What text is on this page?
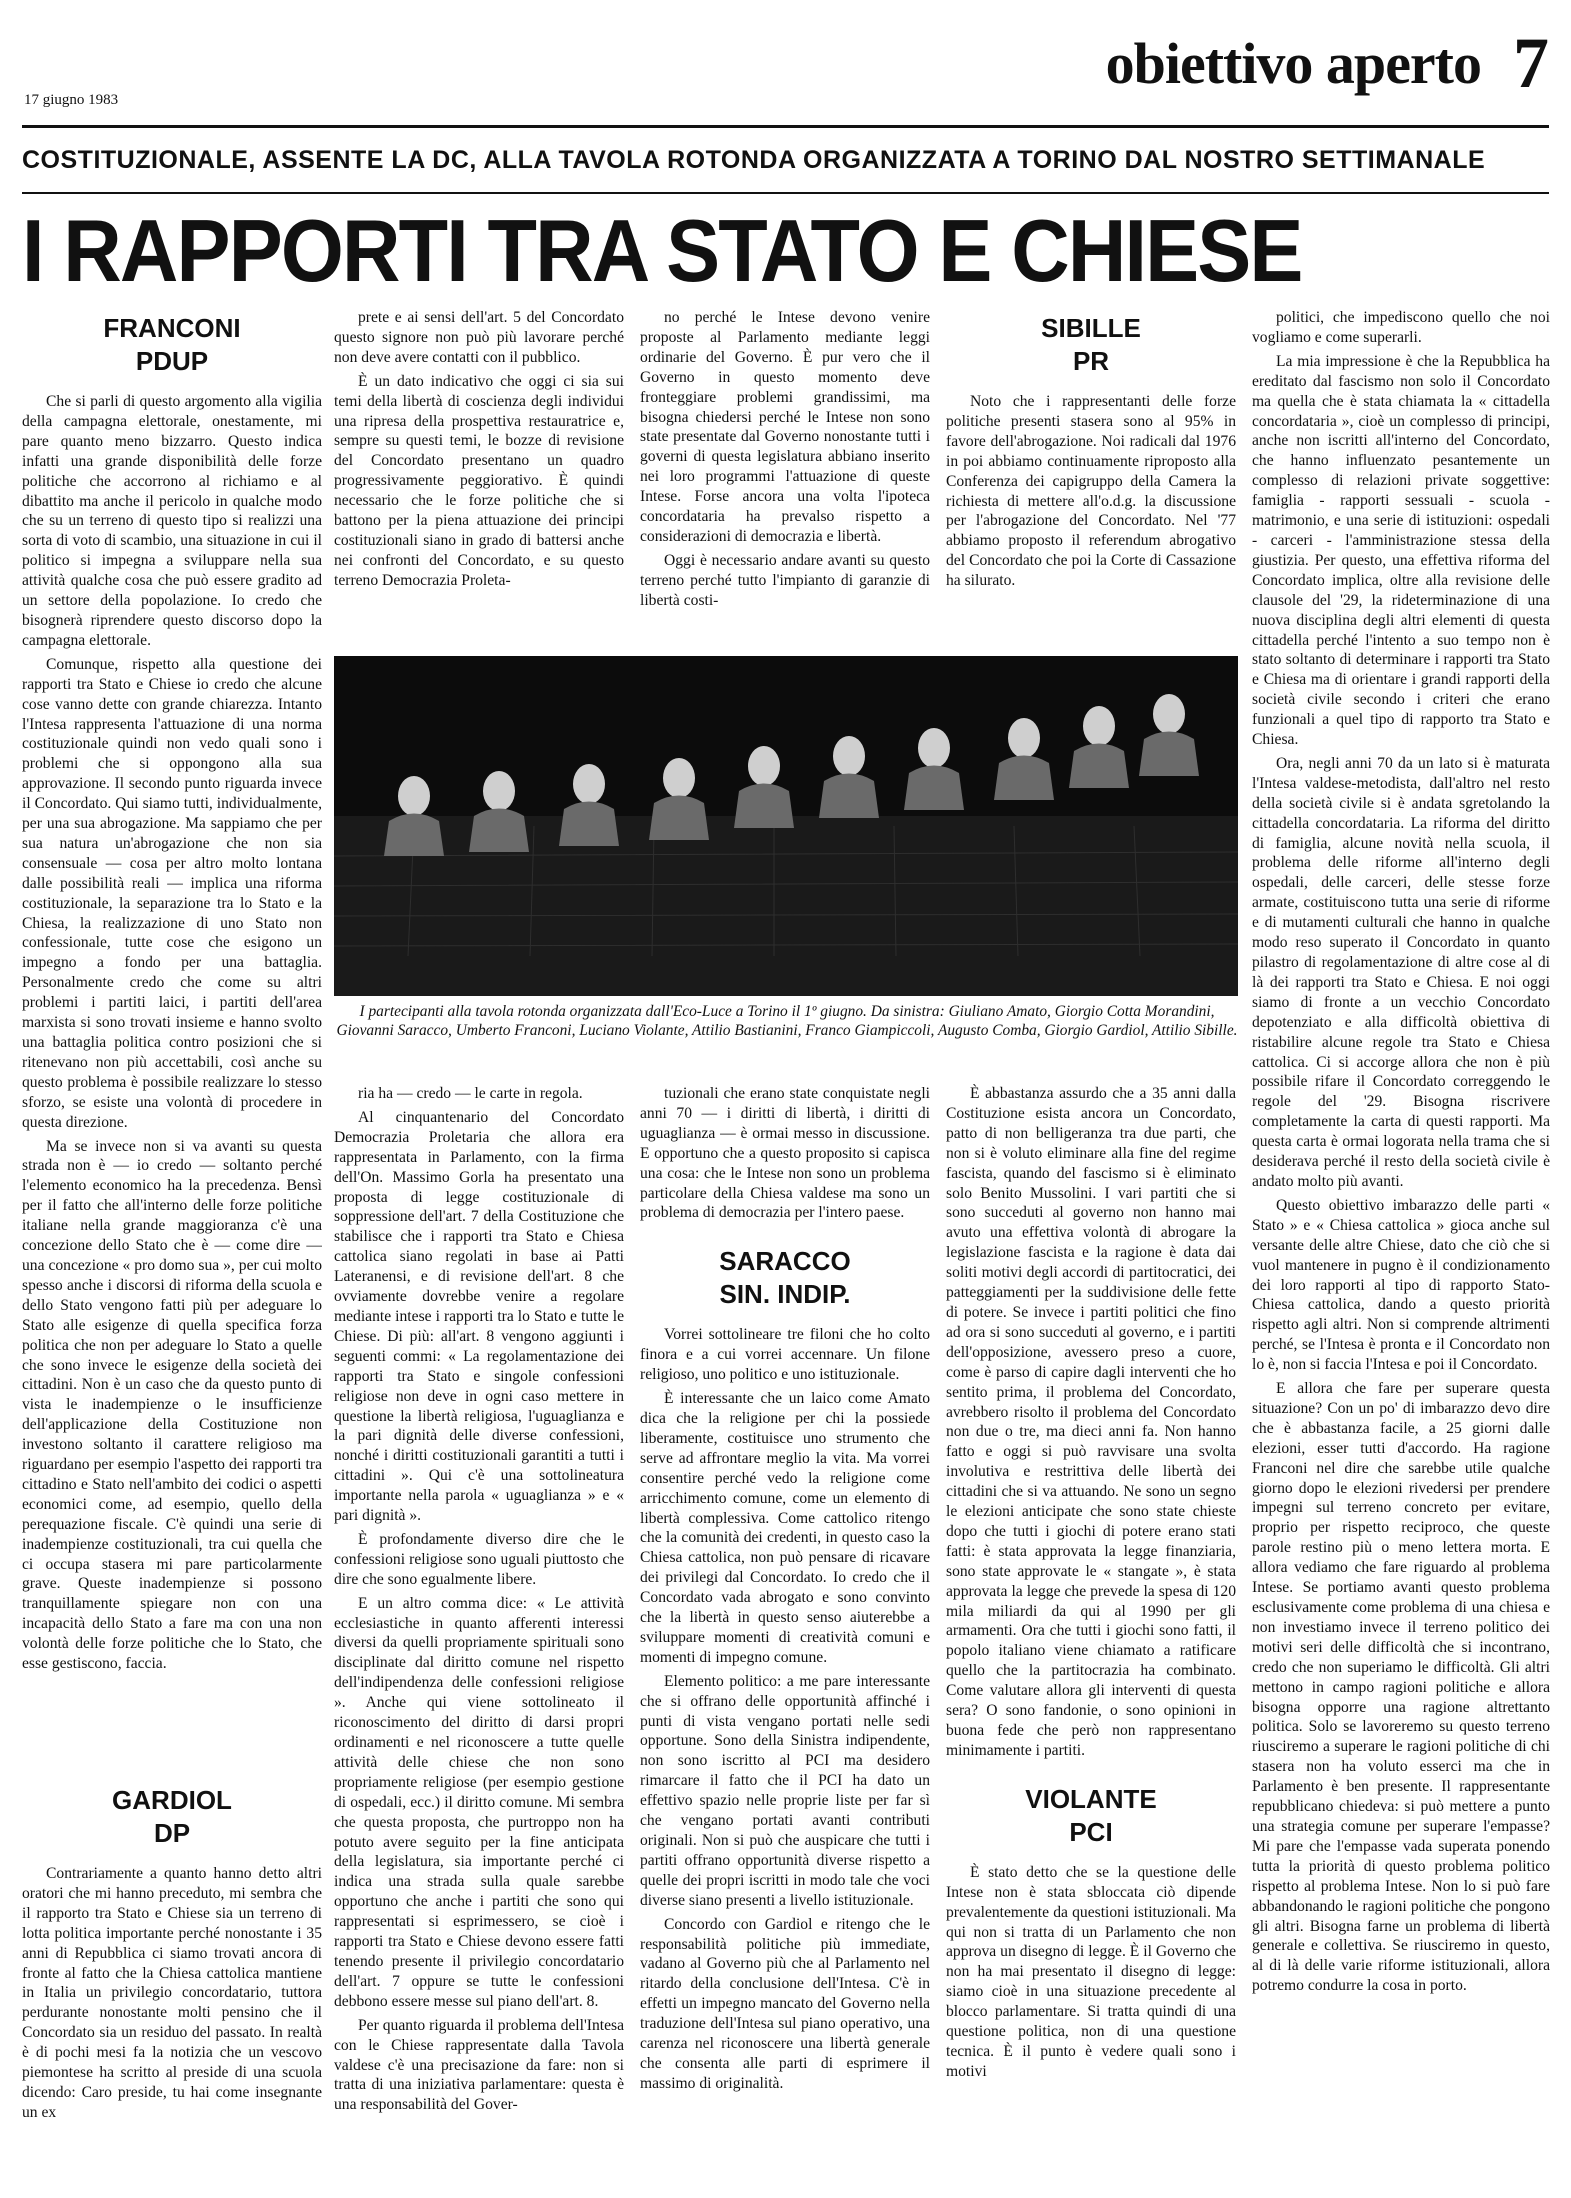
17 giugno 1983
obiettivo aperto 7
COSTITUZIONALE, ASSENTE LA DC, ALLA TAVOLA ROTONDA ORGANIZZATA A TORINO DAL NOSTRO SETTIMANALE
I RAPPORTI TRA STATO E CHIESE
FRANCONI
PDUP

Che si parli di questo argomento alla vigilia della campagna elettorale, onestamente, mi pare quanto meno bizzarro. Questo indica infatti una grande disponibilità delle forze politiche che accorrono al richiamo e al dibattito ma anche il pericolo in qualche modo che su un terreno di questo tipo si realizzi una sorta di voto di scambio, una situazione in cui il politico si impegna a sviluppare nella sua attività qualche cosa che può essere gradito ad un settore della popolazione. Io credo che bisognerà riprendere questo discorso dopo la campagna elettorale.

Comunque, rispetto alla questione dei rapporti tra Stato e Chiese io credo che alcune cose vanno dette con grande chiarezza. Intanto l'Intesa rappresenta l'attuazione di una norma costituzionale quindi non vedo quali sono i problemi che si oppongono alla sua approvazione. Il secondo punto riguarda invece il Concordato. Qui siamo tutti, individualmente, per una sua abrogazione. Ma sappiamo che per sua natura un'abrogazione che non sia consensuale — cosa per altro molto lontana dalle possibilità reali — implica una riforma costituzionale, la separazione tra lo Stato e la Chiesa, la realizzazione di uno Stato non confessionale, tutte cose che esigono un impegno a fondo per una battaglia. Personalmente credo che come su altri problemi i partiti laici, i partiti dell'area marxista si sono trovati insieme e hanno svolto una battaglia politica contro posizioni che si ritenevano non più accettabili, così anche su questo problema è possibile realizzare lo stesso sforzo, se esiste una volontà di procedere in questa direzione.

Ma se invece non si va avanti su questa strada non è — io credo — soltanto perché l'elemento economico ha la precedenza. Bensì per il fatto che all'interno delle forze politiche italiane nella grande maggioranza c'è una concezione dello Stato che è — come dire — una concezione « pro domo sua », per cui molto spesso anche i discorsi di riforma della scuola e dello Stato vengono fatti più per adeguare lo Stato alle esigenze di quella specifica forza politica che non per adeguare lo Stato a quelle che sono invece le esigenze della società dei cittadini. Non è un caso che da questo punto di vista le inadempienze o le insufficienze dell'applicazione della Costituzione non investono soltanto il carattere religioso ma riguardano per esempio l'aspetto dei rapporti tra cittadino e Stato nell'ambito dei codici o aspetti economici come, ad esempio, quello della perequazione fiscale. C'è quindi una serie di inadempienze costituzionali, tra cui quella che ci occupa stasera mi pare particolarmente grave. Queste inadempienze si possono tranquillamente spiegare non con una incapacità dello Stato a fare ma con una non volontà delle forze politiche che lo Stato, che esse gestiscono, faccia.

GARDIOL
DP

Contrariamente a quanto hanno detto altri oratori che mi hanno preceduto, mi sembra che il rapporto tra Stato e Chiese sia un terreno di lotta politica importante perché nonostante i 35 anni di Repubblica ci siamo trovati ancora di fronte al fatto che la Chiesa cattolica mantiene in Italia un privilegio concordatario, tuttora perdurante nonostante molti pensino che il Concordato sia un residuo del passato. In realtà è di pochi mesi fa la notizia che un vescovo piemontese ha scritto al preside di una scuola dicendo: Caro preside, tu hai come insegnante un ex

prete e ai sensi dell'art. 5 del Concordato questo signore non può più lavorare perché non deve avere contatti con il pubblico.

È un dato indicativo che oggi ci sia sui temi della libertà di coscienza degli individui una ripresa della prospettiva restauratrice e, sempre su questi temi, le bozze di revisione del Concordato presentano un quadro progressivamente peggiorativo. È quindi necessario che le forze politiche che si battono per la piena attuazione dei principi costituzionali siano in grado di battersi anche nei confronti del Concordato, e su questo terreno Democrazia Proleta-

no perché le Intese devono venire proposte al Parlamento mediante leggi ordinarie del Governo. È pur vero che il Governo in questo momento deve fronteggiare problemi grandissimi, ma bisogna chiedersi perché le Intese non sono state presentate dal Governo nonostante tutti i governi di questa legislatura abbiano inserito nei loro programmi l'attuazione di queste Intese. Forse ancora una volta l'ipoteca concordataria ha prevalso rispetto a considerazioni di democrazia e libertà.

Oggi è necessario andare avanti su questo terreno perché tutto l'impianto di garanzie di libertà costi-

SIBILLE
PR

Noto che i rappresentanti delle forze politiche presenti stasera sono al 95% in favore dell'abrogazione. Noi radicali dal 1976 in poi abbiamo continuamente riproposto alla Conferenza dei capigruppo della Camera la richiesta di mettere all'o.d.g. la discussione per l'abrogazione del Concordato. Nel '77 abbiamo proposto il referendum abrogativo del Concordato che poi la Corte di Cassazione ha silurato.

I partecipanti alla tavola rotonda organizzata dall'Eco-Luce a Torino il 1º giugno. Da sinistra: Giuliano Amato, Giorgio Cotta Morandini, Giovanni Saracco, Umberto Franconi, Luciano Violante, Attilio Bastianini, Franco Giampiccoli, Augusto Comba, Giorgio Gardiol, Attilio Sibille.

ria ha — credo — le carte in regola.

Al cinquantenario del Concordato Democrazia Proletaria che allora era rappresentata in Parlamento, con la firma dell'On. Massimo Gorla ha presentato una proposta di legge costituzionale di soppressione dell'art. 7 della Costituzione che stabilisce che i rapporti tra Stato e Chiesa cattolica siano regolati in base ai Patti Lateranensi, e di revisione dell'art. 8 che ovviamente dovrebbe venire a regolare mediante intese i rapporti tra lo Stato e tutte le Chiese. Di più: all'art. 8 vengono aggiunti i seguenti commi: « La regolamentazione dei rapporti tra Stato e singole confessioni religiose non deve in ogni caso mettere in questione la libertà religiosa, l'uguaglianza e la pari dignità delle diverse confessioni, nonché i diritti costituzionali garantiti a tutti i cittadini ». Qui c'è una sottolineatura importante nella parola « uguaglianza » e « pari dignità ».

È profondamente diverso dire che le confessioni religiose sono uguali piuttosto che dire che sono egualmente libere.

E un altro comma dice: « Le attività ecclesiastiche in quanto afferenti interessi diversi da quelli propriamente spirituali sono disciplinate dal diritto comune nel rispetto dell'indipendenza delle confessioni religiose ». Anche qui viene sottolineato il riconoscimento del diritto di darsi propri ordinamenti e nel riconoscere a tutte quelle attività delle chiese che non sono propriamente religiose (per esempio gestione di ospedali, ecc.) il diritto comune. Mi sembra che questa proposta, che purtroppo non ha potuto avere seguito per la fine anticipata della legislatura, sia importante perché ci indica una strada sulla quale sarebbe opportuno che anche i partiti che sono qui rappresentati si esprimessero, se cioè i rapporti tra Stato e Chiese devono essere fatti tenendo presente il privilegio concordatario dell'art. 7 oppure se tutte le confessioni debbono essere messe sul piano dell'art. 8.

Per quanto riguarda il problema dell'Intesa con le Chiese rappresentate dalla Tavola valdese c'è una precisazione da fare: non si tratta di una iniziativa parlamentare: questa è una responsabilità del Gover-

tuzionali che erano state conquistate negli anni 70 — i diritti di libertà, i diritti di uguaglianza — è ormai messo in discussione. E opportuno che a questo proposito si capisca una cosa: che le Intese non sono un problema particolare della Chiesa valdese ma sono un problema di democrazia per l'intero paese.

SARACCO
SIN. INDIP.

Vorrei sottolineare tre filoni che ho colto finora e a cui vorrei accennare. Un filone religioso, uno politico e uno istituzionale.

È interessante che un laico come Amato dica che la religione per chi la possiede liberamente, costituisce uno strumento che serve ad affrontare meglio la vita. Ma vorrei consentire perché vedo la religione come arricchimento comune, come un elemento di libertà complessiva. Come cattolico ritengo che la comunità dei credenti, in questo caso la Chiesa cattolica, non può pensare di ricavare dei privilegi dal Concordato. Io credo che il Concordato vada abrogato e sono convinto che la libertà in questo senso aiuterebbe a sviluppare momenti di creatività comuni e momenti di impegno comune.

Elemento politico: a me pare interessante che si offrano delle opportunità affinché i punti di vista vengano portati nelle sedi opportune. Sono della Sinistra indipendente, non sono iscritto al PCI ma desidero rimarcare il fatto che il PCI ha dato un effettivo spazio nelle proprie liste per far sì che vengano portati avanti contributi originali. Non si può che auspicare che tutti i partiti offrano opportunità diverse rispetto a quelle dei propri iscritti in modo tale che voci diverse siano presenti a livello istituzionale.

Concordo con Gardiol e ritengo che le responsabilità politiche più immediate, vadano al Governo più che al Parlamento nel ritardo della conclusione dell'Intesa. C'è in effetti un impegno mancato del Governo nella traduzione dell'Intesa sul piano operativo, una carenza nel riconoscere una libertà generale che consenta alle parti di esprimere il massimo di originalità.

È abbastanza assurdo che a 35 anni dalla Costituzione esista ancora un Concordato, patto di non belligeranza tra due parti, che non si è voluto eliminare alla fine del regime fascista, quando del fascismo si è eliminato solo Benito Mussolini. I vari partiti che si sono succeduti al governo non hanno mai avuto una effettiva volontà di abrogare la legislazione fascista e la ragione è data dai soliti motivi degli accordi di partitocratici, dei patteggiamenti per la suddivisione delle fette di potere. Se invece i partiti politici che fino ad ora si sono succeduti al governo, e i partiti dell'opposizione, avessero preso a cuore, come è parso di capire dagli interventi che ho sentito prima, il problema del Concordato, avrebbero risolto il problema del Concordato non due o tre, ma dieci anni fa. Non hanno fatto e oggi si può ravvisare una svolta involutiva e restrittiva delle libertà dei cittadini che si va attuando. Ne sono un segno le elezioni anticipate che sono state chieste dopo che tutti i giochi di potere erano stati fatti: è stata approvata la legge finanziaria, sono state approvate le « stangate », è stata approvata la legge che prevede la spesa di 120 mila miliardi da qui al 1990 per gli armamenti. Ora che tutti i giochi sono fatti, il popolo italiano viene chiamato a ratificare quello che la partitocrazia ha combinato. Come valutare allora gli interventi di questa sera? O sono fandonie, o sono opinioni in buona fede che però non rappresentano minimamente i partiti.

VIOLANTE
PCI

È stato detto che se la questione delle Intese non è stata sbloccata ciò dipende prevalentemente da questioni istituzionali. Ma qui non si tratta di un Parlamento che non approva un disegno di legge. È il Governo che non ha mai presentato il disegno di legge: siamo cioè in una situazione precedente al blocco parlamentare. Si tratta quindi di una questione politica, non di una questione tecnica. È il punto è vedere quali sono i motivi

politici, che impediscono quello che noi vogliamo e come superarli.

La mia impressione è che la Repubblica ha ereditato dal fascismo non solo il Concordato ma quella che è stata chiamata la « cittadella concordataria », cioè un complesso di principi, anche non iscritti all'interno del Concordato, che hanno influenzato pesantemente un complesso di relazioni private soggettive: famiglia - rapporti sessuali - scuola - matrimonio, e una serie di istituzioni: ospedali - carceri - l'amministrazione stessa della giustizia. Per questo, una effettiva riforma del Concordato implica, oltre alla revisione delle clausole del '29, la rideterminazione di una nuova disciplina degli altri elementi di questa cittadella perché l'intento a suo tempo non è stato soltanto di determinare i rapporti tra Stato e Chiesa ma di orientare i grandi rapporti della società civile secondo i criteri che erano funzionali a quel tipo di rapporto tra Stato e Chiesa.

Ora, negli anni 70 da un lato si è maturata l'Intesa valdese-metodista, dall'altro nel resto della società civile si è andata sgretolando la cittadella concordataria. La riforma del diritto di famiglia, alcune novità nella scuola, il problema delle riforme all'interno degli ospedali, delle carceri, delle stesse forze armate, costituiscono tutta una serie di riforme e di mutamenti culturali che hanno in qualche modo reso superato il Concordato in quanto pilastro di regolamentazione di altre cose al di là dei rapporti tra Stato e Chiesa. E noi oggi siamo di fronte a un vecchio Concordato depotenziato e alla difficoltà obiettiva di ristabilire alcune regole tra Stato e Chiesa cattolica. Ci si accorge allora che non è più possibile rifare il Concordato correggendo le regole del '29. Bisogna riscrivere completamente la carta di questi rapporti. Ma questa carta è ormai logorata nella trama che si desiderava perché il resto della società civile è andato molto più avanti.

Questo obiettivo imbarazzo delle parti « Stato » e « Chiesa cattolica » gioca anche sul versante delle altre Chiese, dato che ciò che si vuol mantenere in pugno è il condizionamento dei loro rapporti al tipo di rapporto Stato-Chiesa cattolica, dando a questo priorità rispetto agli altri. Non si comprende altrimenti perché, se l'Intesa è pronta e il Concordato non lo è, non si faccia l'Intesa e poi il Concordato.

E allora che fare per superare questa situazione? Con un po' di imbarazzo devo dire che è abbastanza facile, a 25 giorni dalle elezioni, esser tutti d'accordo. Ha ragione Franconi nel dire che sarebbe utile qualche giorno dopo le elezioni rivedersi per prendere impegni sul terreno concreto per evitare, proprio per rispetto reciproco, che queste parole restino più o meno lettera morta. E allora vediamo che fare riguardo al problema Intese. Se portiamo avanti questo problema esclusivamente come problema di una chiesa e non investiamo invece il terreno politico dei motivi seri delle difficoltà che si incontrano, credo che non superiamo le difficoltà. Gli altri mettono in campo ragioni politiche e allora bisogna opporre una ragione altrettanto politica. Solo se lavoreremo su questo terreno riusciremo a superare le ragioni politiche di chi stasera non ha voluto esserci ma che in Parlamento è ben presente. Il rappresentante repubblicano chiedeva: si può mettere a punto una strategia comune per superare l'empasse? Mi pare che l'empasse vada superata ponendo tutta la priorità di questo problema politico rispetto al problema Intese. Non lo si può fare abbandonando le ragioni politiche che pongono gli altri. Bisogna farne un problema di libertà generale e collettiva. Se riusciremo in questo, al di là delle varie riforme istituzionali, allora potremo condurre la cosa in porto.
